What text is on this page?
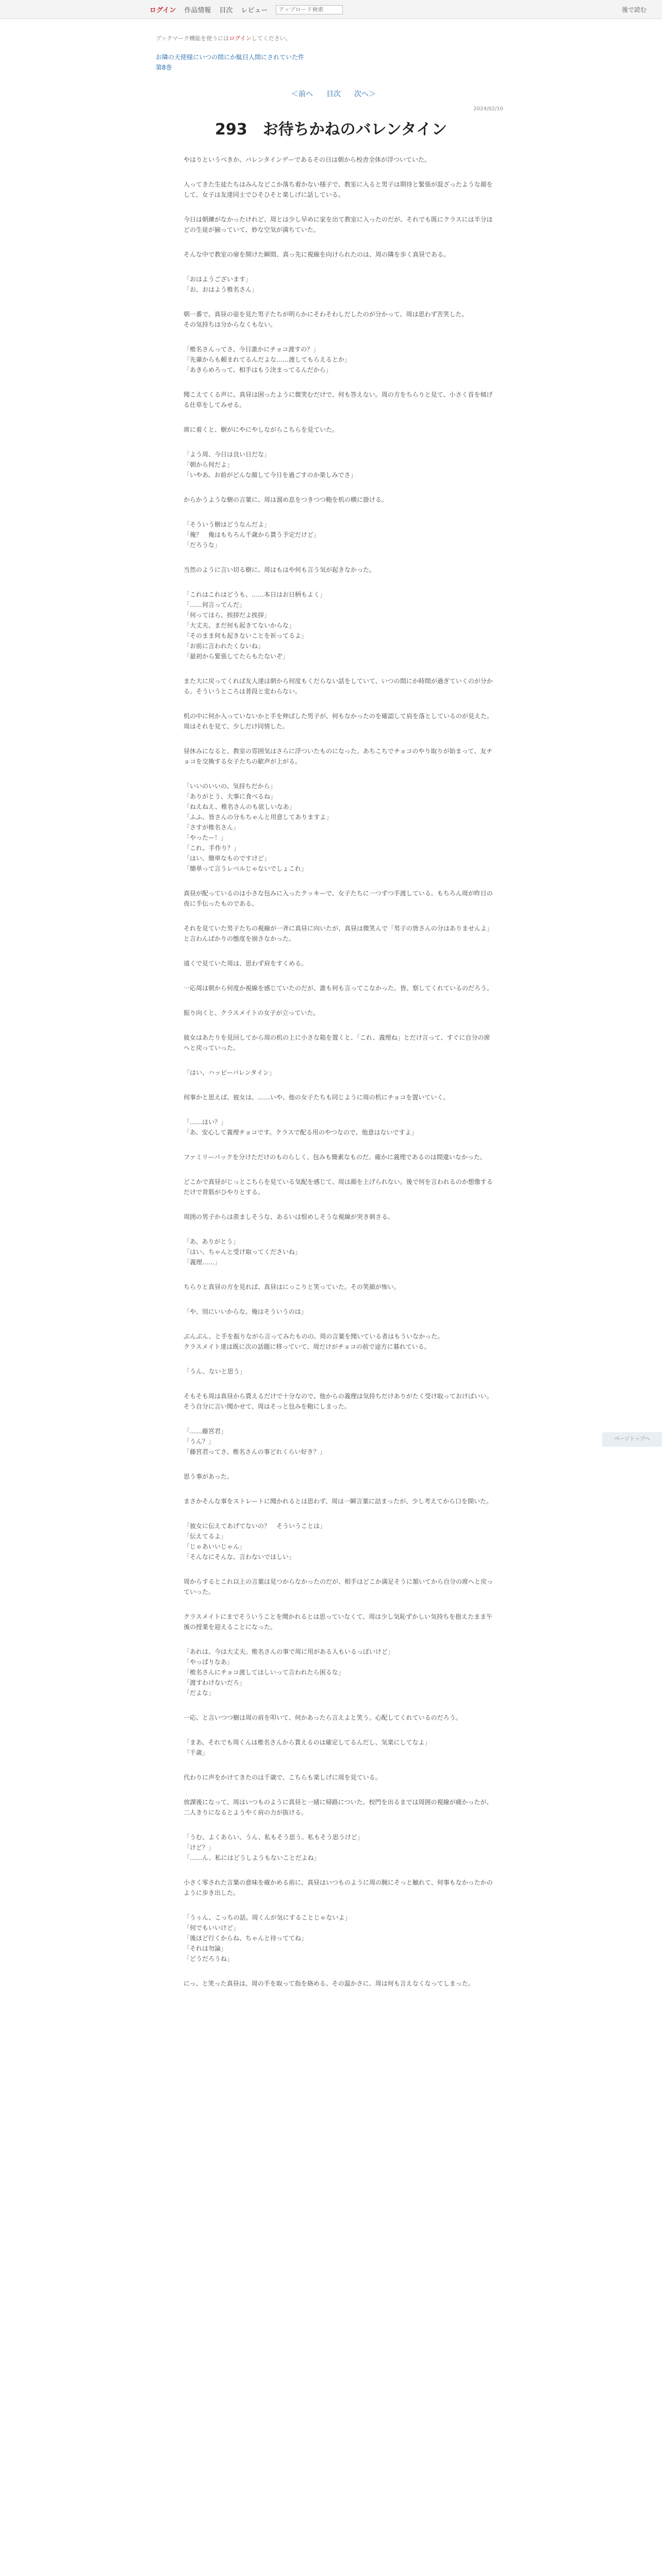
ログイン 作品情報 目次 レビュー
アップロード検索	後で読む
ブックマーク機能を使うにはログインしてください。
お隣の天使様にいつの間にか駄目人間にされていた件
第8巻
＜前へ 目次 次へ＞
2024/02/10
293　お待ちかねのバレンタイン

やはりというべきか、バレンタインデーであるその日は朝から校舎全体が浮ついていた。

入ってきた生徒たちはみんなどこか落ち着かない様子で、教室に入ると男子は期待と緊張が混ざったような顔をして、女子は友達同士でひそひそと楽しげに話している。

今日は朝練がなかったけれど、周とは少し早めに家を出て教室に入ったのだが、それでも既にクラスには半分ほどの生徒が揃っていて、妙な空気が満ちていた。

そんな中で教室の扉を開けた瞬間、真っ先に視線を向けられたのは、周の隣を歩く真昼である。

「おはようございます」
「お、おはよう椎名さん」

朝一番で、真昼の姿を見た男子たちが明らかにそわそわしだしたのが分かって、周は思わず苦笑した。
その気持ちは分からなくもない。

「椎名さんってさ、今日誰かにチョコ渡すの？」
「先輩からも頼まれてるんだよな……渡してもらえるとか」
「あきらめろって、相手はもう決まってるんだから」

聞こえてくる声に、真昼は困ったように微笑むだけで、何も答えない。周の方をちらりと見て、小さく首を傾げる仕草をしてみせる。

席に着くと、樹がにやにやしながらこちらを見ていた。

「よう周、今日は良い日だな」
「朝から何だよ」
「いやあ、お前がどんな顔して今日を過ごすのか楽しみでさ」

からかうような樹の言葉に、周は溜め息をつきつつ鞄を机の横に掛ける。

「そういう樹はどうなんだよ」
「俺？　俺はもちろん千歳から貰う予定だけど」
「だろうな」

当然のように言い切る樹に、周はもはや何も言う気が起きなかった。

「これはこれはどうも、……本日はお日柄もよく」
「……何言ってんだ」
「何ってほら、挨拶だよ挨拶」
「大丈夫、まだ何も起きてないからな」
「そのまま何も起きないことを祈ってるよ」
「お前に言われたくないね」
「最初から緊張してたらもたないぞ」

また大に戻ってくれば友人達は朝から何度もくだらない話をしていて、いつの間にか時間が過ぎていくのが分かる。そういうところは普段と変わらない。

机の中に何か入っていないかと手を伸ばした男子が、何もなかったのを確認して肩を落としているのが見えた。周はそれを見て、少しだけ同情した。

昼休みになると、教室の雰囲気はさらに浮ついたものになった。あちこちでチョコのやり取りが始まって、友チョコを交換する女子たちの歓声が上がる。

「いいのいいの、気持ちだから」
「ありがとう、大事に食べるね」
「ねえねえ、椎名さんのも欲しいなあ」
「ふふ、皆さんの分もちゃんと用意してありますよ」
「さすが椎名さん」
「やったー！」
「これ、手作り？」
「はい、簡単なものですけど」
「簡単って言うレベルじゃないでしょこれ」

真昼が配っているのは小さな包みに入ったクッキーで、女子たちに一つずつ手渡している。もちろん周が昨日の夜に手伝ったものである。

それを見ていた男子たちの視線が一斉に真昼に向いたが、真昼は微笑んで「男子の皆さんの分はありませんよ」と言わんばかりの態度を崩さなかった。

遠くで見ていた周は、思わず肩をすくめる。

一応周は朝から何度か視線を感じていたのだが、誰も何も言ってこなかった。皆、察してくれているのだろう。

振り向くと、クラスメイトの女子が立っていた。

彼女はあたりを見回してから周の机の上に小さな箱を置くと、「これ、義理ね」とだけ言って、すぐに自分の席へと戻っていった。

「はい、ハッピーバレンタイン」

何事かと思えば、彼女は、……いや、他の女子たちも同じように周の机にチョコを置いていく。

「……はい？」
「あ、安心して義理チョコです。クラスで配る用のやつなので、他意はないですよ」

ファミリーパックを分けただけのものらしく、包みも簡素なものだ。確かに義理であるのは間違いなかった。

どこかで真昼がじっとこちらを見ている気配を感じて、周は顔を上げられない。後で何を言われるのか想像するだけで背筋がひやりとする。

周囲の男子からは羨ましそうな、あるいは恨めしそうな視線が突き刺さる。

「あ、ありがとう」
「はい、ちゃんと受け取ってくださいね」
「義理……」

ちらりと真昼の方を見れば、真昼はにっこりと笑っていた。その笑顔が怖い。

「や、別にいいからな。俺はそういうのは」

ぶんぶん、と手を振りながら言ってみたものの、周の言葉を聞いている者はもういなかった。
クラスメイト達は既に次の話題に移っていて、周だけがチョコの前で途方に暮れている。

「うん、ないと思う」

そもそも周は真昼から貰えるだけで十分なので、他からの義理は気持ちだけありがたく受け取っておけばいい。そう自分に言い聞かせて、周はそっと包みを鞄にしまった。

「……藤宮君」
「うん？」
「藤宮君ってさ、椎名さんの事どれくらい好き？」

思う事があった。

まさかそんな事をストレートに聞かれるとは思わず、周は一瞬言葉に詰まったが、少し考えてから口を開いた。

「彼女に伝えてあげてないの？　そういうことは」
「伝えてるよ」
「じゃあいいじゃん」
「そんなにそんな、言わないでほしい」

周からするとこれ以上の言葉は見つからなかったのだが、相手はどこか満足そうに頷いてから自分の席へと戻っていった。

クラスメイトにまでそういうことを聞かれるとは思っていなくて、周は少し気恥ずかしい気持ちを抱えたまま午後の授業を迎えることになった。

「あれは、今は大丈夫。椎名さんの事で周に用がある人もいるっぽいけど」
「やっぱりなあ」
「椎名さんにチョコ渡してほしいって言われたら困るな」
「渡すわけないだろ」
「だよな」

一応、と言いつつ樹は周の肩を叩いて、何かあったら言えよと笑う。心配してくれているのだろう。

「まあ、それでも周くんは椎名さんから貰えるのは確定してるんだし、気楽にしてなよ」
「千歳」

代わりに声をかけてきたのは千歳で、こちらも楽しげに周を見ている。

放課後になって、周はいつものように真昼と一緒に帰路についた。校門を出るまでは周囲の視線が痛かったが、二人きりになるとようやく肩の力が抜ける。

「うむ、よくあらい、うん、私もそう思う。私もそう思うけど」
「けど？」
「……ん、私にはどうしようもないことだよね」

小さく零された言葉の意味を確かめる前に、真昼はいつものように周の腕にそっと触れて、何事もなかったかのように歩き出した。

「うぅん、こっちの話。周くんが気にすることじゃないよ」
「何でもいいけど」
「後ほど行くからね、ちゃんと待っててね」
「それは勿論」
「どうだろうね」

にっ、と笑った真昼は、周の手を取って指を絡める。その温かさに、周は何も言えなくなってしまった。

ページトップへ
